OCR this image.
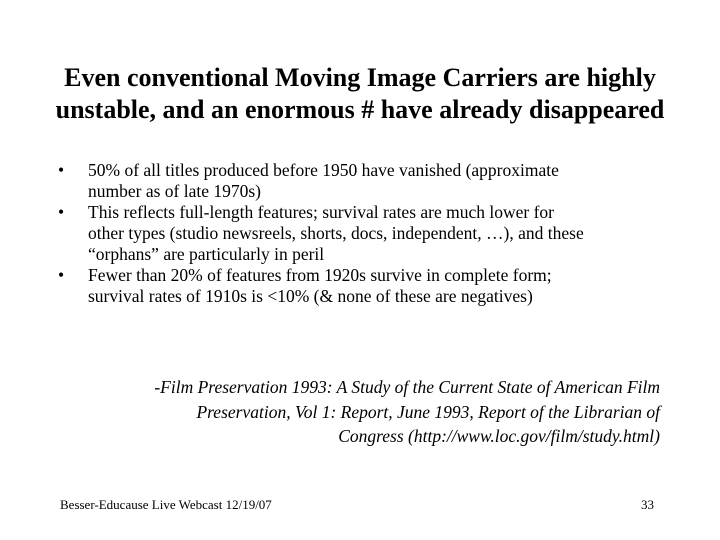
Even conventional Moving Image Carriers are highly
unstable, and an enormous # have already disappeared
• 50% of all titles produced before 1950 have vanished (approximate
number as of late 1970s)
• This reflects full-length features; survival rates are much lower for
other types (studio newsreels, shorts, docs, independent, …), and these
“orphans” are particularly in peril
• Fewer than 20% of features from 1920s survive in complete form;
survival rates of 1910s is <10% (& none of these are negatives)
-Film Preservation 1993: A Study of the Current State of American Film
Preservation, Vol 1: Report, June 1993, Report of the Librarian of
Congress (http://www.loc.gov/film/study.html)
Besser-Educause Live Webcast 12/19/07	33
